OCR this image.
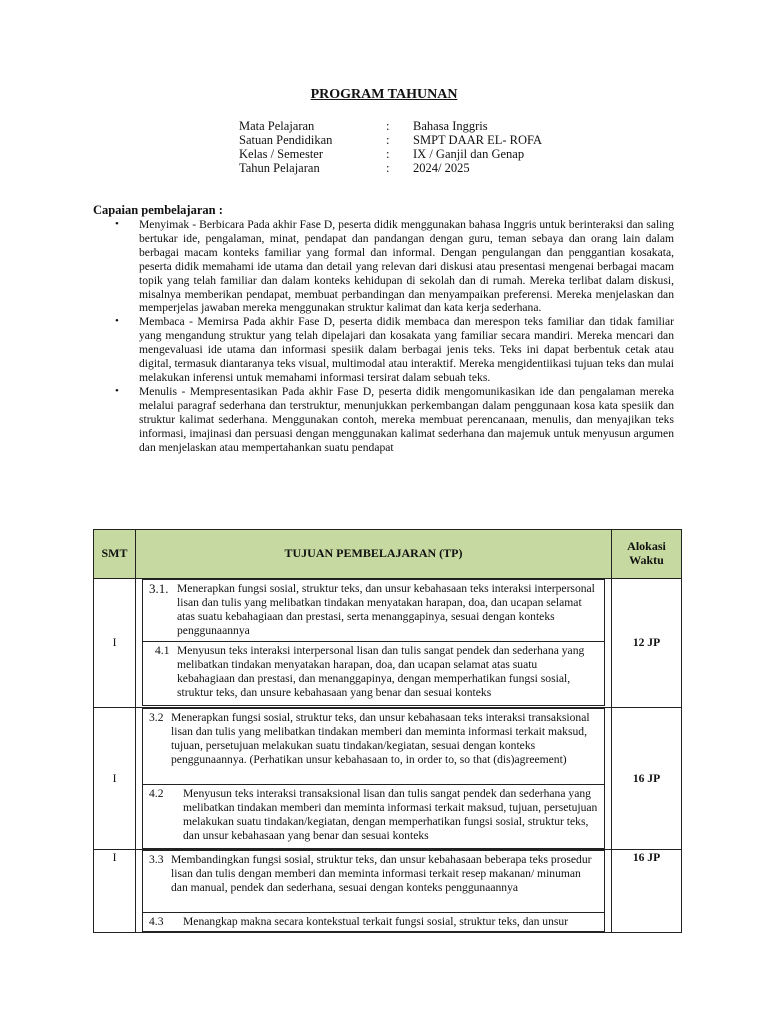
PROGRAM TAHUNAN
Mata Pelajaran	:	Bahasa Inggris
Satuan Pendidikan	:	SMPT DAAR EL- ROFA
Kelas / Semester	:	IX / Ganjil dan Genap
Tahun Pelajaran	:	2024/ 2025
Capaian pembelajaran :
• Menyimak - Berbicara Pada akhir Fase D, peserta didik menggunakan bahasa Inggris untuk berinteraksi dan saling bertukar ide, pengalaman, minat, pendapat dan pandangan dengan guru, teman sebaya dan orang lain dalam berbagai macam konteks familiar yang formal dan informal. Dengan pengulangan dan penggantian kosakata, peserta didik memahami ide utama dan detail yang relevan dari diskusi atau presentasi mengenai berbagai macam topik yang telah familiar dan dalam konteks kehidupan di sekolah dan di rumah. Mereka terlibat dalam diskusi, misalnya memberikan pendapat, membuat perbandingan dan menyampaikan preferensi. Mereka menjelaskan dan memperjelas jawaban mereka menggunakan struktur kalimat dan kata kerja sederhana.
• Membaca - Memirsa Pada akhir Fase D, peserta didik membaca dan merespon teks familiar dan tidak familiar yang mengandung struktur yang telah dipelajari dan kosakata yang familiar secara mandiri. Mereka mencari dan mengevaluasi ide utama dan informasi spesiik dalam berbagai jenis teks. Teks ini dapat berbentuk cetak atau digital, termasuk diantaranya teks visual, multimodal atau interaktif. Mereka mengidentiikasi tujuan teks dan mulai melakukan inferensi untuk memahami informasi tersirat dalam sebuah teks.
• Menulis - Mempresentasikan Pada akhir Fase D, peserta didik mengomunikasikan ide dan pengalaman mereka melalui paragraf sederhana dan terstruktur, menunjukkan perkembangan dalam penggunaan kosa kata spesiik dan struktur kalimat sederhana. Menggunakan contoh, mereka membuat perencanaan, menulis, dan menyajikan teks informasi, imajinasi dan persuasi dengan menggunakan kalimat sederhana dan majemuk untuk menyusun argumen dan menjelaskan atau mempertahankan suatu pendapat
SMT	TUJUAN PEMBELAJARAN (TP)	Alokasi Waktu
I	3.1. Menerapkan fungsi sosial, struktur teks, dan unsur kebahasaan teks interaksi interpersonal lisan dan tulis yang melibatkan tindakan menyatakan harapan, doa, dan ucapan selamat atas suatu kebahagiaan dan prestasi, serta menanggapinya, sesuai dengan konteks penggunaannya
4.1 Menyusun teks interaksi interpersonal lisan dan tulis sangat pendek dan sederhana yang melibatkan tindakan menyatakan harapan, doa, dan ucapan selamat atas suatu kebahagiaan dan prestasi, dan menanggapinya, dengan memperhatikan fungsi sosial, struktur teks, dan unsure kebahasaan yang benar dan sesuai konteks	12 JP
I	3.2 Menerapkan fungsi sosial, struktur teks, dan unsur kebahasaan teks interaksi transaksional lisan dan tulis yang melibatkan tindakan memberi dan meminta informasi terkait maksud, tujuan, persetujuan melakukan suatu tindakan/kegiatan, sesuai dengan konteks penggunaannya. (Perhatikan unsur kebahasaan to, in order to, so that (dis)agreement)
4.2 Menyusun teks interaksi transaksional lisan dan tulis sangat pendek dan sederhana yang melibatkan tindakan memberi dan meminta informasi terkait maksud, tujuan, persetujuan melakukan suatu tindakan/kegiatan, dengan memperhatikan fungsi sosial, struktur teks, dan unsur kebahasaan yang benar dan sesuai konteks	16 JP
I	3.3 Membandingkan fungsi sosial, struktur teks, dan unsur kebahasaan beberapa teks prosedur lisan dan tulis dengan memberi dan meminta informasi terkait resep makanan/ minuman dan manual, pendek dan sederhana, sesuai dengan konteks penggunaannya
4.3 Menangkap makna secara kontekstual terkait fungsi sosial, struktur teks, dan unsur	16 JP
